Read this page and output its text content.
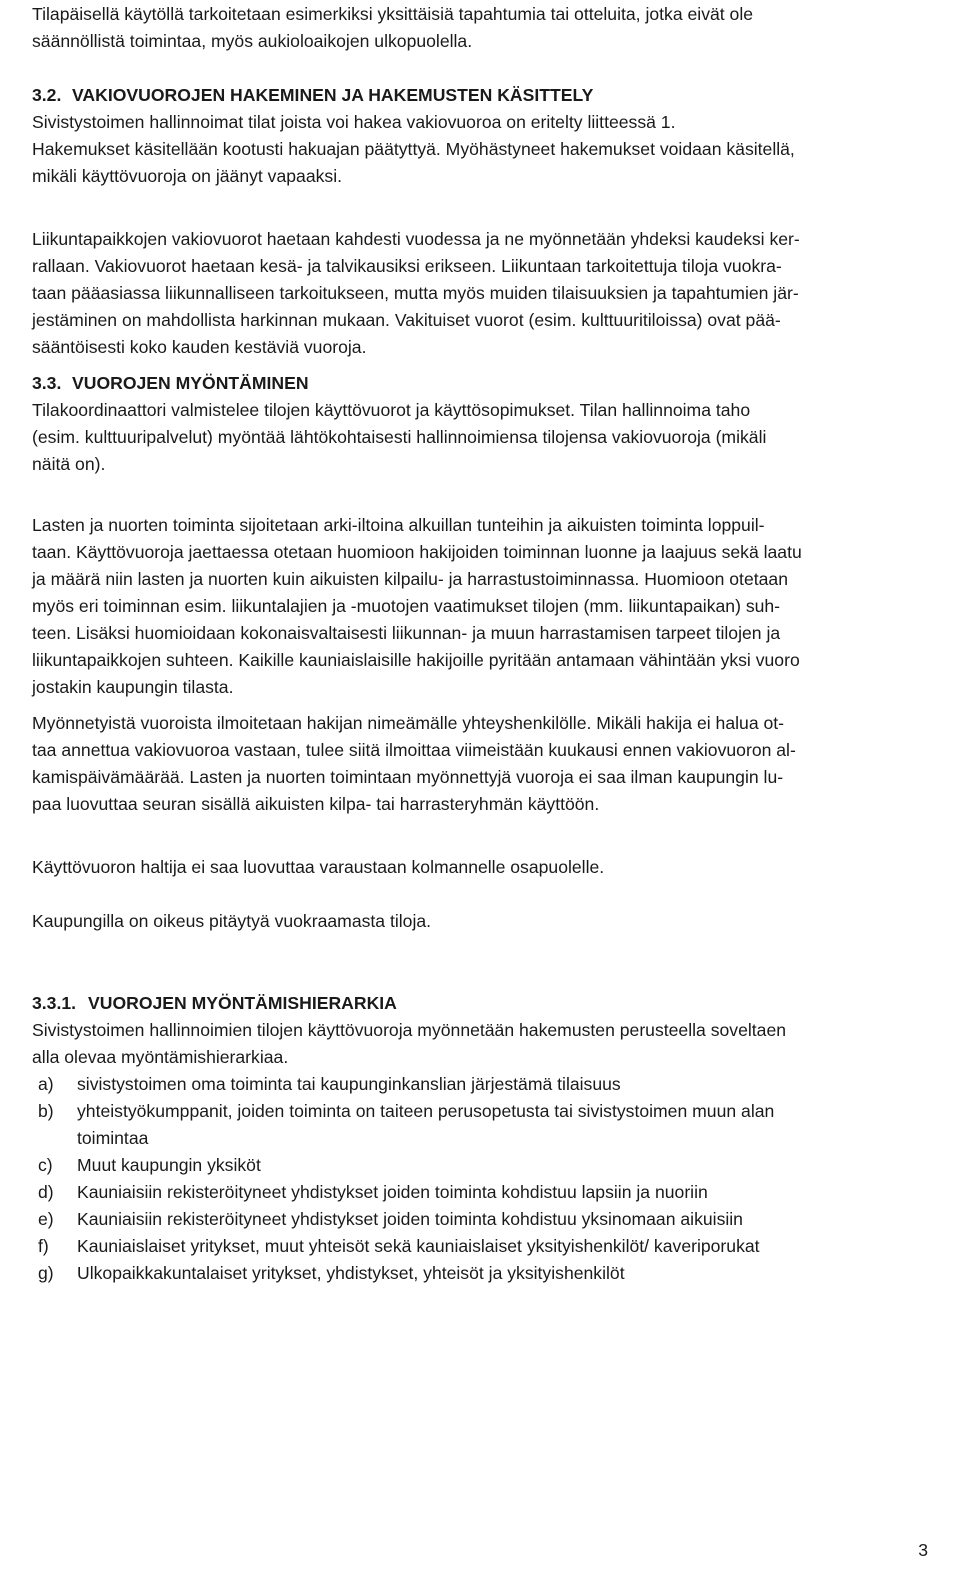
Tilapäisellä käytöllä tarkoitetaan esimerkiksi yksittäisiä tapahtumia tai otteluita, jotka eivät ole
säännöllistä toimintaa, myös aukioloaikojen ulkopuolella.

3.2. VAKIOVUOROJEN HAKEMINEN JA HAKEMUSTEN KÄSITTELY

Sivistystoimen hallinnoimat tilat joista voi hakea vakiovuoroa on eritelty liitteessä 1.
Hakemukset käsitellään kootusti hakuajan päätyttyä. Myöhästyneet hakemukset voidaan käsitellä,
mikäli käyttövuoroja on jäänyt vapaaksi.

Liikuntapaikkojen vakiovuorot haetaan kahdesti vuodessa ja ne myönnetään yhdeksi kaudeksi ker-
rallaan. Vakiovuorot haetaan kesä- ja talvikausiksi erikseen. Liikuntaan tarkoitettuja tiloja vuokra-
taan pääasiassa liikunnalliseen tarkoitukseen, mutta myös muiden tilaisuuksien ja tapahtumien jär-
jestäminen on mahdollista harkinnan mukaan. Vakituiset vuorot (esim. kulttuuritiloissa) ovat pää-
sääntöisesti koko kauden kestäviä vuoroja.

3.3. VUOROJEN MYÖNTÄMINEN

Tilakoordinaattori valmistelee tilojen käyttövuorot ja käyttösopimukset. Tilan hallinnoima taho
(esim. kulttuuripalvelut) myöntää lähtökohtaisesti hallinnoimiensa tilojensa vakiovuoroja (mikäli
näitä on).

Lasten ja nuorten toiminta sijoitetaan arki-iltoina alkuillan tunteihin ja aikuisten toiminta loppuil-
taan. Käyttövuoroja jaettaessa otetaan huomioon hakijoiden toiminnan luonne ja laajuus sekä laatu
ja määrä niin lasten ja nuorten kuin aikuisten kilpailu- ja harrastustoiminnassa. Huomioon otetaan
myös eri toiminnan esim. liikuntalajien ja -muotojen vaatimukset tilojen (mm. liikuntapaikan) suh-
teen. Lisäksi huomioidaan kokonaisvaltaisesti liikunnan- ja muun harrastamisen tarpeet tilojen ja
liikuntapaikkojen suhteen. Kaikille kauniaislaisille hakijoille pyritään antamaan vähintään yksi vuoro
jostakin kaupungin tilasta.

Myönnetyistä vuoroista ilmoitetaan hakijan nimeämälle yhteyshenkilölle. Mikäli hakija ei halua ot-
taa annettua vakiovuoroa vastaan, tulee siitä ilmoittaa viimeistään kuukausi ennen vakiovuoron al-
kamispäivämäärää. Lasten ja nuorten toimintaan myönnettyjä vuoroja ei saa ilman kaupungin lu-
paa luovuttaa seuran sisällä aikuisten kilpa- tai harrasteryhmän käyttöön.

Käyttövuoron haltija ei saa luovuttaa varaustaan kolmannelle osapuolelle.

Kaupungilla on oikeus pitäytyä vuokraamasta tiloja.

3.3.1. VUOROJEN MYÖNTÄMISHIERARKIA

Sivistystoimen hallinnoimien tilojen käyttövuoroja myönnetään hakemusten perusteella soveltaen
alla olevaa myöntämishierarkiaa.

a) sivistystoimen oma toiminta tai kaupunginkanslian järjestämä tilaisuus
b) yhteistyökumppanit, joiden toiminta on taiteen perusopetusta tai sivistystoimen muun alan
toimintaa
c) Muut kaupungin yksiköt
d) Kauniaisiin rekisteröityneet yhdistykset joiden toiminta kohdistuu lapsiin ja nuoriin
e) Kauniaisiin rekisteröityneet yhdistykset joiden toiminta kohdistuu yksinomaan aikuisiin
f) Kauniaislaiset yritykset, muut yhteisöt sekä kauniaislaiset yksityishenkilöt/ kaveriporukat
g) Ulkopaikkakuntalaiset yritykset, yhdistykset, yhteisöt ja yksityishenkilöt
3
